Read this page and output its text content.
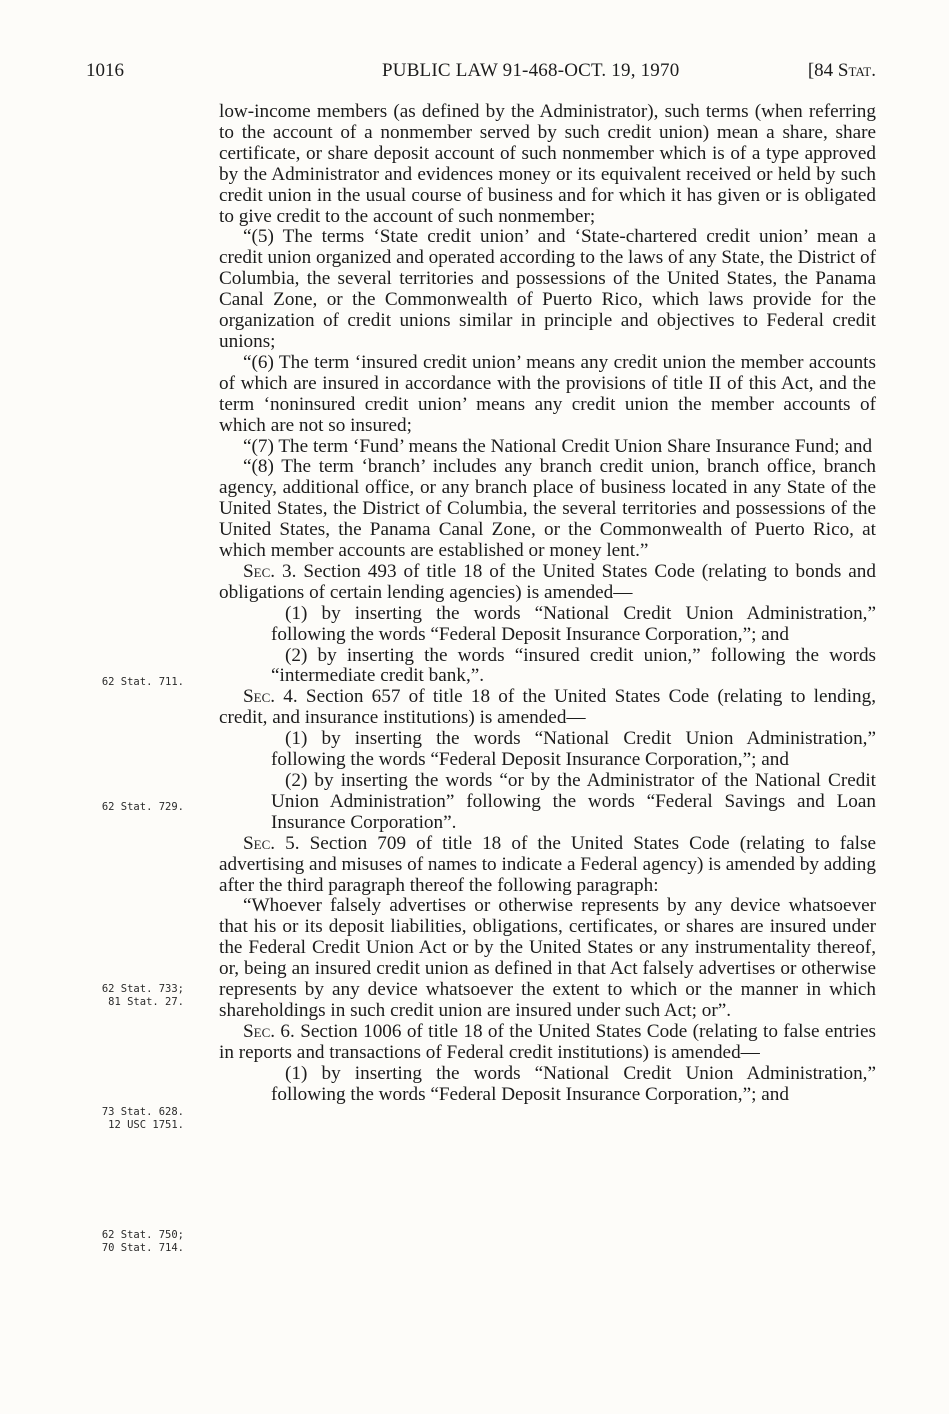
1016	PUBLIC LAW 91-468-OCT. 19, 1970	[84 Stat.

low-income members (as defined by the Administrator), such terms (when referring to the account of a nonmember served by such credit union) mean a share, share certificate, or share deposit account of such nonmember which is of a type approved by the Administrator and evidences money or its equivalent received or held by such credit union in the usual course of business and for which it has given or is obligated to give credit to the account of such nonmember;

“(5) The terms ‘State credit union’ and ‘State-chartered credit union’ mean a credit union organized and operated according to the laws of any State, the District of Columbia, the several territories and possessions of the United States, the Panama Canal Zone, or the Commonwealth of Puerto Rico, which laws provide for the organization of credit unions similar in principle and objectives to Federal credit unions;

“(6) The term ‘insured credit union’ means any credit union the member accounts of which are insured in accordance with the provisions of title II of this Act, and the term ‘noninsured credit union’ means any credit union the member accounts of which are not so insured;

“(7) The term ‘Fund’ means the National Credit Union Share Insurance Fund; and

“(8) The term ‘branch’ includes any branch credit union, branch office, branch agency, additional office, or any branch place of business located in any State of the United States, the District of Columbia, the several territories and possessions of the United States, the Panama Canal Zone, or the Commonwealth of Puerto Rico, at which member accounts are established or money lent.”

Sec. 3. Section 493 of title 18 of the United States Code (relating to bonds and obligations of certain lending agencies) is amended—

(1) by inserting the words “National Credit Union Administration,” following the words “Federal Deposit Insurance Corporation,”; and

(2) by inserting the words “insured credit union,” following the words “intermediate credit bank,”.

Sec. 4. Section 657 of title 18 of the United States Code (relating to lending, credit, and insurance institutions) is amended—

(1) by inserting the words “National Credit Union Administration,” following the words “Federal Deposit Insurance Corporation,”; and

(2) by inserting the words “or by the Administrator of the National Credit Union Administration” following the words “Federal Savings and Loan Insurance Corporation”.

Sec. 5. Section 709 of title 18 of the United States Code (relating to false advertising and misuses of names to indicate a Federal agency) is amended by adding after the third paragraph thereof the following paragraph:

“Whoever falsely advertises or otherwise represents by any device whatsoever that his or its deposit liabilities, obligations, certificates, or shares are insured under the Federal Credit Union Act or by the United States or any instrumentality thereof, or, being an insured credit union as defined in that Act falsely advertises or otherwise represents by any device whatsoever the extent to which or the manner in which shareholdings in such credit union are insured under such Act; or”.

Sec. 6. Section 1006 of title 18 of the United States Code (relating to false entries in reports and transactions of Federal credit institutions) is amended—

(1) by inserting the words “National Credit Union Administration,” following the words “Federal Deposit Insurance Corporation,”; and

62 Stat. 711.
62 Stat. 729.
62 Stat. 733;
81 Stat. 27.
73 Stat. 628.
12 USC 1751.
62 Stat. 750;
70 Stat. 714.
